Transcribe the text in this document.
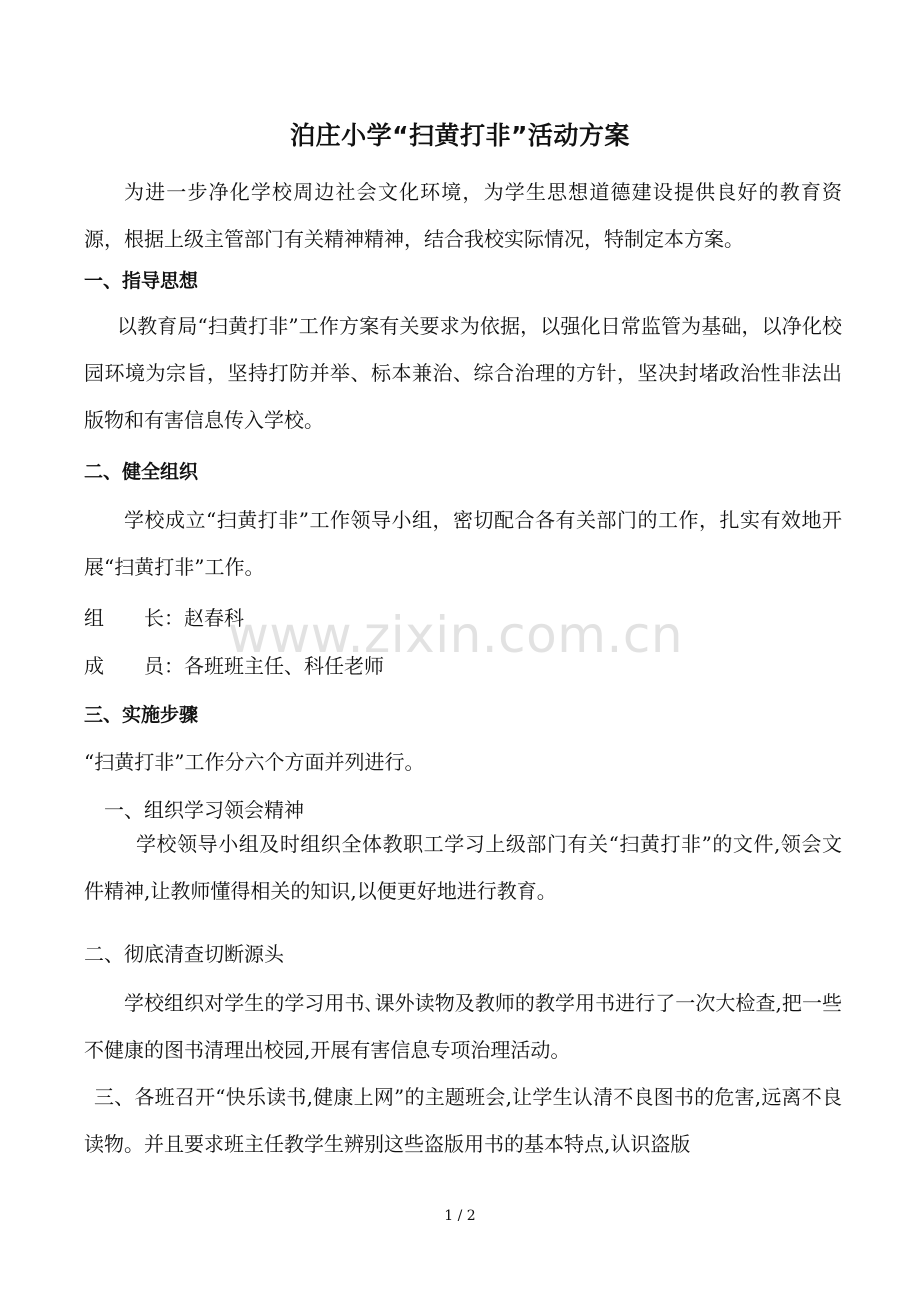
泊庄小学“扫黄打非”活动方案

为进一步净化学校周边社会文化环境，为学生思想道德建设提供良好的教育资源，根据上级主管部门有关精神精神，结合我校实际情况，特制定本方案。

一、指导思想

以教育局“扫黄打非”工作方案有关要求为依据，以强化日常监管为基础，以净化校园环境为宗旨，坚持打防并举、标本兼治、综合治理的方针，坚决封堵政治性非法出版物和有害信息传入学校。

二、健全组织

学校成立“扫黄打非”工作领导小组，密切配合各有关部门的工作，扎实有效地开展“扫黄打非”工作。

组　　长：赵春科
成　　员：各班班主任、科任老师
三、实施步骤
“扫黄打非”工作分六个方面并列进行。
一、组织学习领会精神

学校领导小组及时组织全体教职工学习上级部门有关“扫黄打非”的文件,领会文件精神,让教师懂得相关的知识,以便更好地进行教育。

二、彻底清查切断源头

学校组织对学生的学习用书､课外读物及教师的教学用书进行了一次大检查,把一些不健康的图书清理出校园,开展有害信息专项治理活动。

三、各班召开“快乐读书,健康上网”的主题班会,让学生认清不良图书的危害,远离不良读物。并且要求班主任教学生辨别这些盗版用书的基本特点,认识盗版

www.zixin.com.cn
1 / 2
